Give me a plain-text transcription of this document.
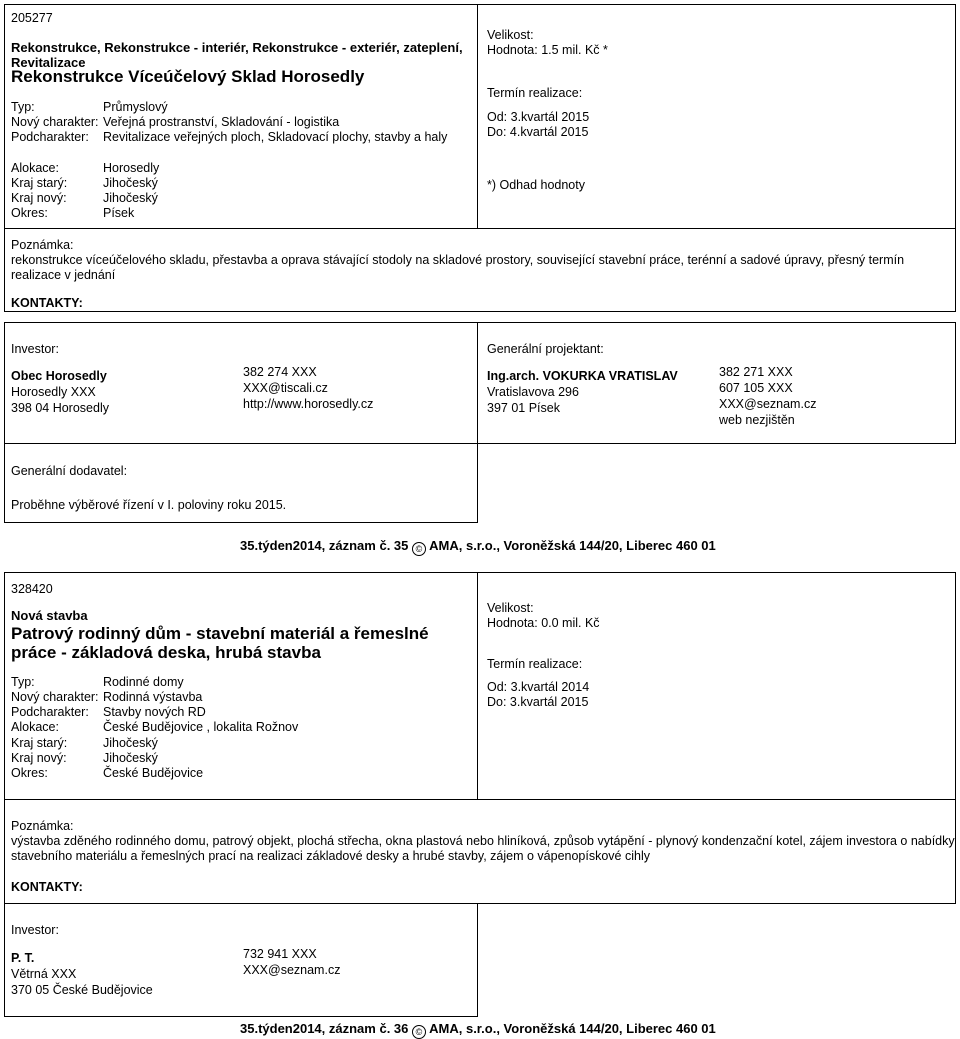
205277
Rekonstrukce, Rekonstrukce - interiér, Rekonstrukce - exteriér, zateplení, Revitalizace
Rekonstrukce Víceúčelový Sklad Horosedly
Typ:	Průmyslový
Nový charakter: Veřejná prostranství, Skladování - logistika
Podcharakter: Revitalizace veřejných ploch, Skladovací plochy, stavby a haly
Alokace:	Horosedly
Kraj starý:	Jihočeský
Kraj nový:	Jihočeský
Okres:	Písek
Velikost:
Hodnota: 1.5 mil. Kč *
Termín realizace:
Od: 3.kvartál 2015
Do: 4.kvartál 2015
*) Odhad hodnoty
Poznámka:
rekonstrukce víceúčelového skladu, přestavba a oprava stávající stodoly na skladové prostory, související stavební práce, terénní a sadové úpravy, přesný termín realizace v jednání
KONTAKTY:
Investor:
Obec Horosedly
Horosedly XXX
398 04 Horosedly
382 274 XXX
XXX@tiscali.cz
http://www.horosedly.cz
Generální projektant:
Ing.arch. VOKURKA VRATISLAV
Vratislavova 296
397 01 Písek
382 271 XXX
607 105 XXX
XXX@seznam.cz
web nezjištěn
Generální dodavatel:
Proběhne výběrové řízení v I. poloviny roku 2015.
35.týden2014, záznam č. 35 © AMA, s.r.o., Voroněžská 144/20, Liberec 460 01
328420
Nová stavba
Patrový rodinný dům - stavební materiál a řemeslné
práce - základová deska, hrubá stavba
Typ:	Rodinné domy
Nový charakter: Rodinná výstavba
Podcharakter: Stavby nových RD
Alokace:	České Budějovice , lokalita Rožnov
Kraj starý:	Jihočeský
Kraj nový:	Jihočeský
Okres:	České Budějovice
Velikost:
Hodnota: 0.0 mil. Kč
Termín realizace:
Od: 3.kvartál 2014
Do: 3.kvartál 2015
Poznámka:
výstavba zděného rodinného domu, patrový objekt, plochá střecha, okna plastová nebo hliníková, způsob vytápění - plynový kondenzační kotel, zájem investora o nabídky stavebního materiálu a řemeslných prací na realizaci základové desky a hrubé stavby, zájem o vápenopískové cihly
KONTAKTY:
Investor:
P. T.
Větrná XXX
370 05 České Budějovice
732 941 XXX
XXX@seznam.cz
35.týden2014, záznam č. 36 © AMA, s.r.o., Voroněžská 144/20, Liberec 460 01
